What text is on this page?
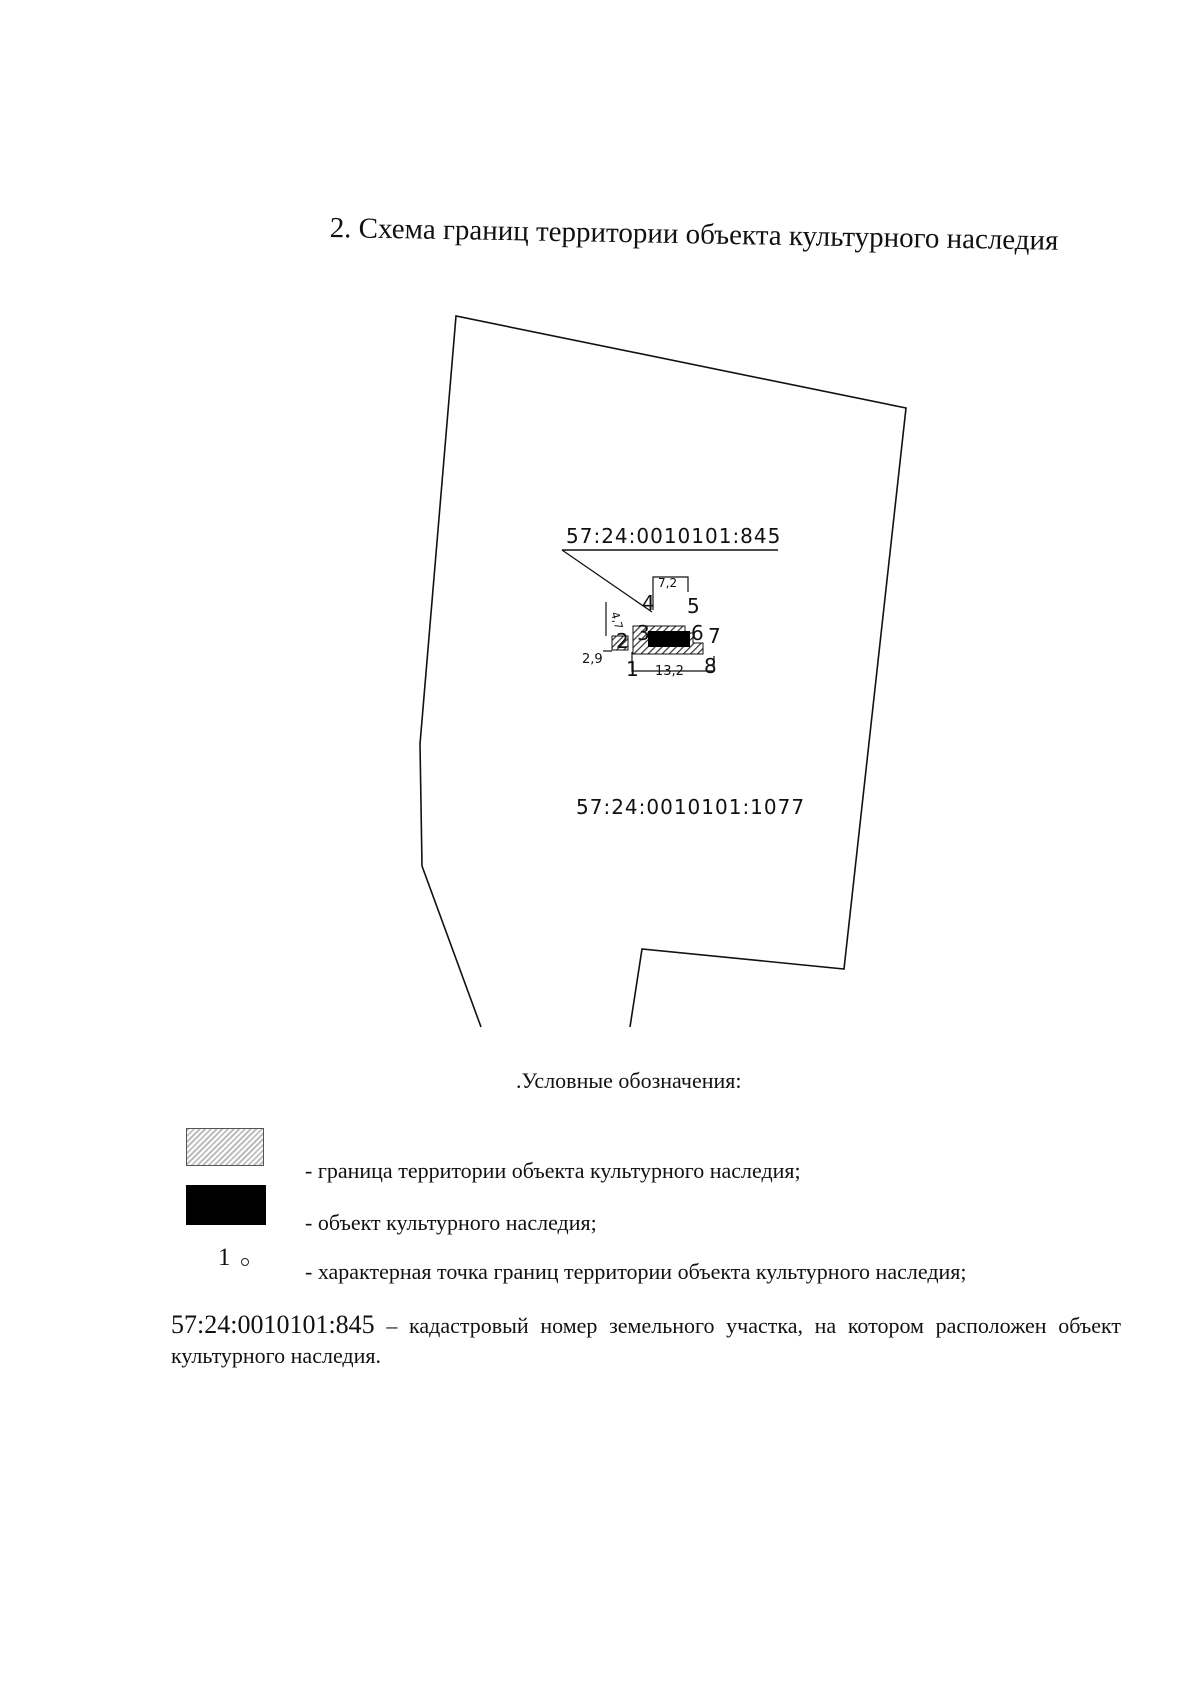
2. Схема границ территории объекта культурного наследия
57:24:0010101:845
57:24:0010101:1077
7,2
4,7
2,9
13,2
1
2 3
4 5
6 7
8
.Условные обозначения:
- граница территории объекта культурного наследия;
- объект культурного наследия;
1
- характерная точка границ территории объекта культурного наследия;
57:24:0010101:845 – кадастровый номер земельного участка, на котором расположен объект культурного наследия.
